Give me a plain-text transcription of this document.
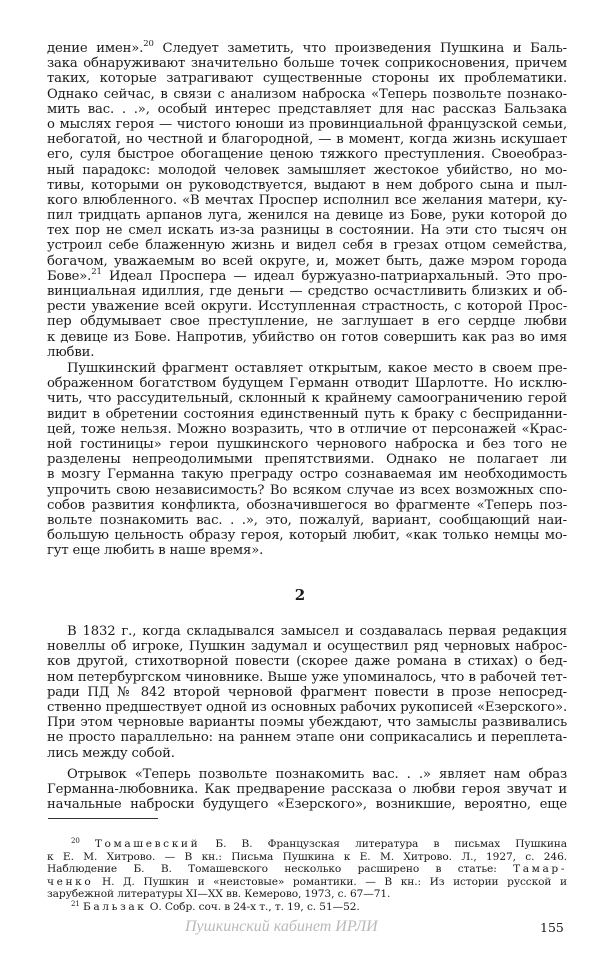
дение имен».$^{20}$ Следует заметить, что произведения Пушкина и Баль-
зака обнаруживают значительно больше точек соприкосновения, причем
таких, которые затрагивают существенные стороны их проблематики.
Однако сейчас, в связи с анализом наброска «Теперь позвольте познако-
мить вас. . .», особый интерес представляет для нас рассказ Бальзака
о мыслях героя — чистого юноши из провинциальной французской семьи,
небогатой, но честной и благородной, — в момент, когда жизнь искушает
его, суля быстрое обогащение ценою тяжкого преступления. Своеобраз-
ный парадокс: молодой человек замышляет жестокое убийство, но мо-
тивы, которыми он руководствуется, выдают в нем доброго сына и пыл-
кого влюбленного. «В мечтах Проспер исполнил все желания матери, ку-
пил тридцать арпанов луга, женился на девице из Бове, руки которой до
тех пор не смел искать из-за разницы в состоянии. На эти сто тысяч он
устроил себе блаженную жизнь и видел себя в грезах отцом семейства,
богачом, уважаемым во всей округе, и, может быть, даже мэром города
Бове».$^{21}$ Идеал Проспера — идеал буржуазно-патриархальный. Это про-
винциальная идиллия, где деньги — средство осчастливить близких и об-
рести уважение всей округи. Исступленная страстность, с которой Прос-
пер обдумывает свое преступление, не заглушает в его сердце любви
к девице из Бове. Напротив, убийство он готов совершить как раз во имя
любви.
Пушкинский фрагмент оставляет открытым, какое место в своем пре-
ображенном богатством будущем Германн отводит Шарлотте. Но исклю-
чить, что рассудительный, склонный к крайнему самоограничению герой
видит в обретении состояния единственный путь к браку с бесприданни-
цей, тоже нельзя. Можно возразить, что в отличие от персонажей «Крас-
ной гостиницы» герои пушкинского чернового наброска и без того не
разделены непреодолимыми препятствиями. Однако не полагает ли
в мозгу Германна такую преграду остро сознаваемая им необходимость
упрочить свою независимость? Во всяком случае из всех возможных спо-
собов развития конфликта, обозначившегося во фрагменте «Теперь поз-
вольте познакомить вас. . .», это, пожалуй, вариант, сообщающий наи-
большую цельность образу героя, который любит, «как только немцы мо-
гут еще любить в наше время».
2
В 1832 г., когда складывался замысел и создавалась первая редакция
новеллы об игроке, Пушкин задумал и осуществил ряд черновых наброс-
ков другой, стихотворной повести (скорее даже романа в стихах) о бед-
ном петербургском чиновнике. Выше уже упоминалось, что в рабочей тет-
ради ПД № 842 второй черновой фрагмент повести в прозе непосред-
ственно предшествует одной из основных рабочих рукописей «Езерского».
При этом черновые варианты поэмы убеждают, что замыслы развивались
не просто параллельно: на раннем этапе они соприкасались и переплета-
лись между собой.
Отрывок «Теперь позвольте познакомить вас. . .» являет нам образ
Германна-любовника. Как предварение рассказа о любви героя звучат и
начальные наброски будущего «Езерского», возникшие, вероятно, еще
$^{20}$ Томашевский Б. В. Французская литература в письмах Пушкина
к Е. М. Хитрово. — В кн.: Письма Пушкина к Е. М. Хитрово. Л., 1927, с. 246.
Наблюдение Б. В. Томашевского несколько расширено в статье: Тамар-
ченко Н. Д. Пушкин и «неистовые» романтики. — В кн.: Из истории русской и
зарубежной литературы XI—XX вв. Кемерово, 1973, с. 67—71.
$^{21}$ Бальзак О. Собр. соч. в 24-х т., т. 19, с. 51—52.
Пушкинский кабинет ИРЛИ	155
